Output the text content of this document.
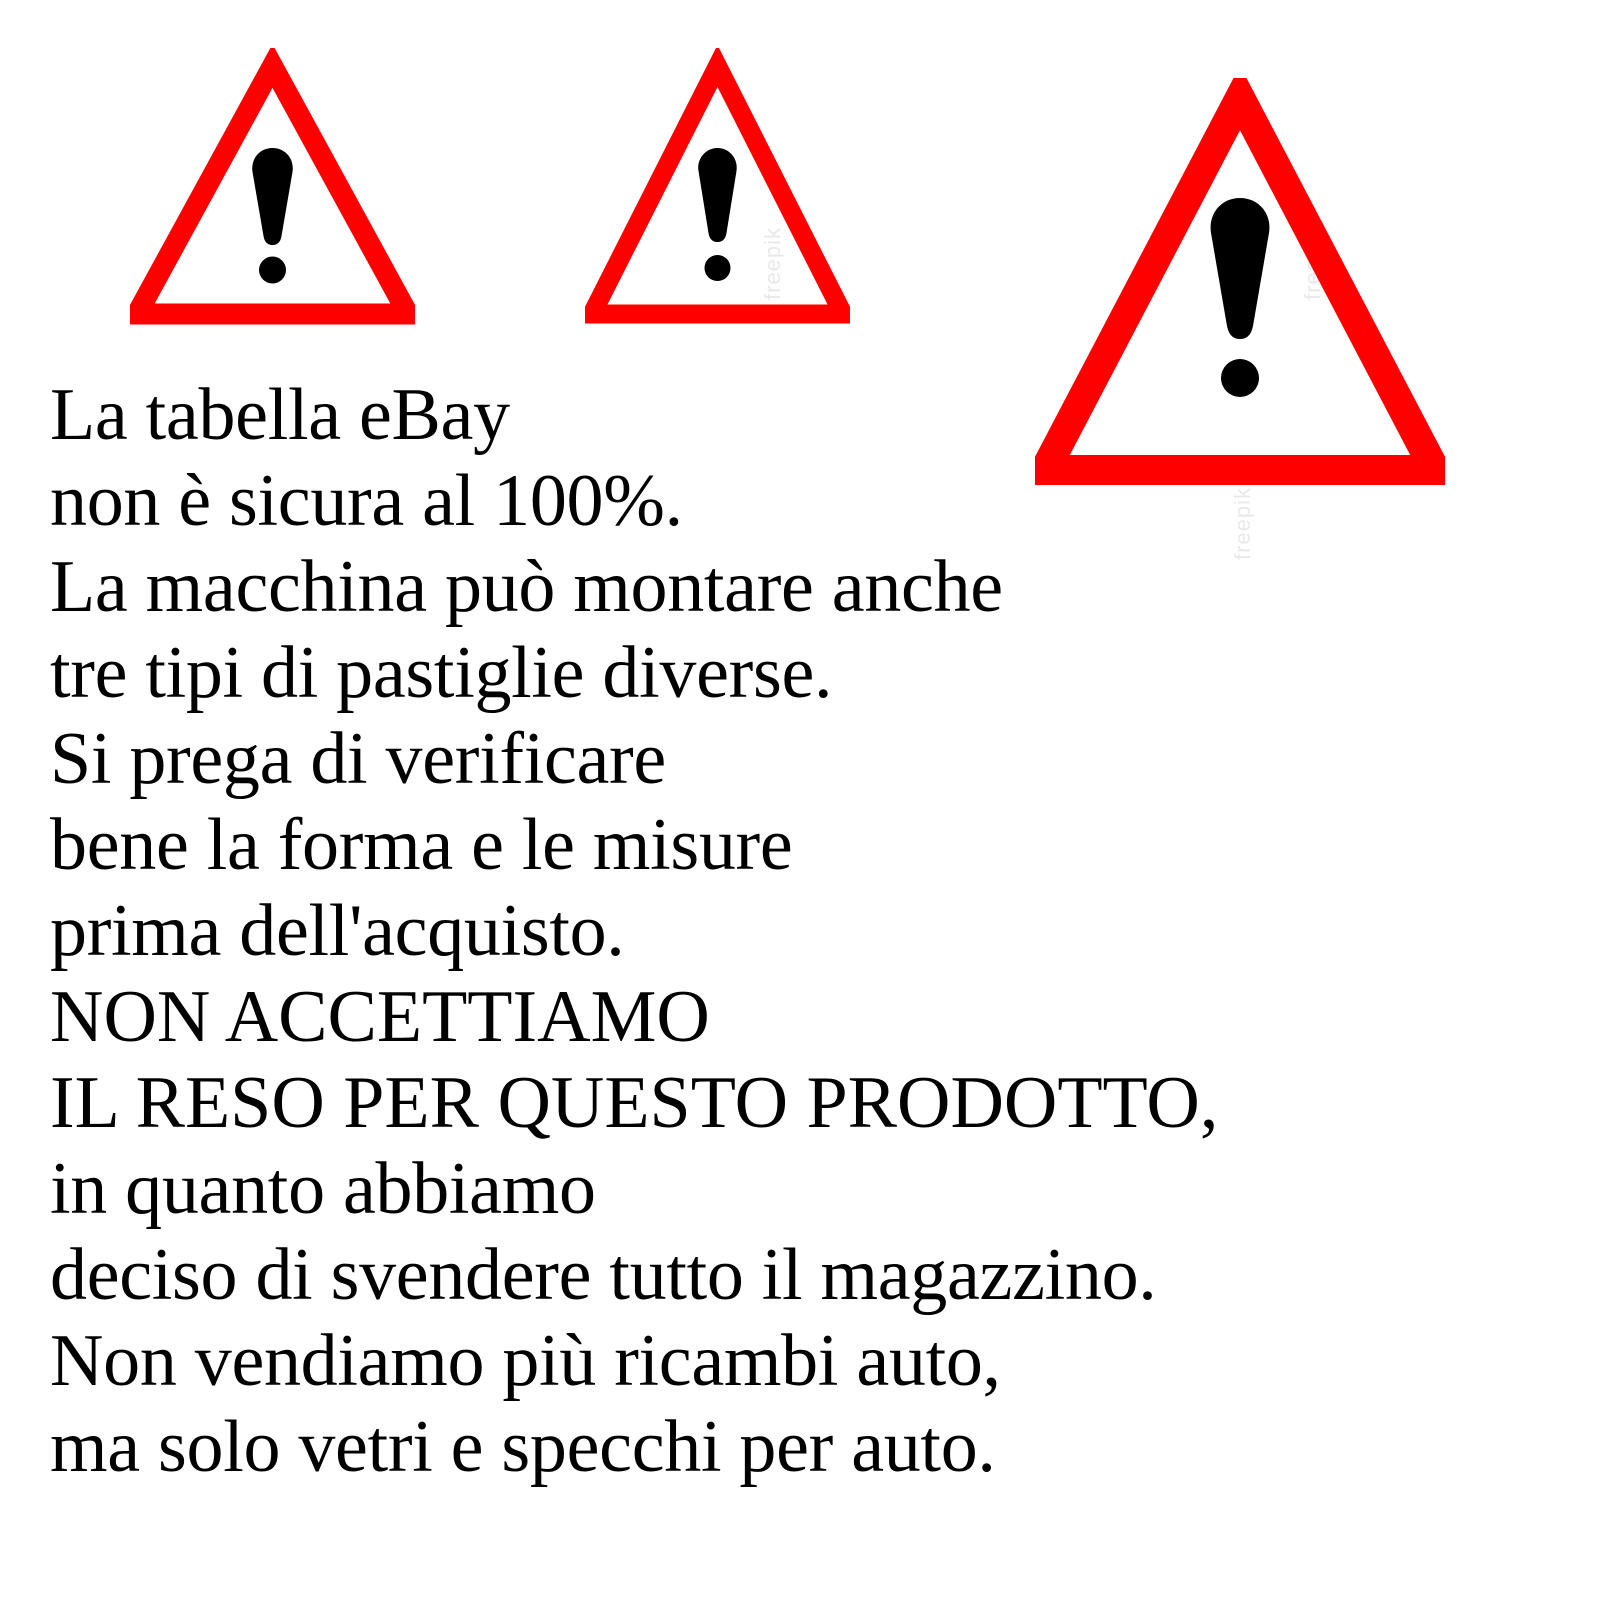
freepik	freepik
freepik
La tabella eBay
non è sicura al 100%.
La macchina può montare anche
tre tipi di pastiglie diverse.
Si prega di verificare
bene la forma e le misure
prima dell'acquisto.
NON ACCETTIAMO
IL RESO PER QUESTO PRODOTTO,
in quanto abbiamo
deciso di svendere tutto il magazzino.
Non vendiamo più ricambi auto,
ma solo vetri e specchi per auto.
